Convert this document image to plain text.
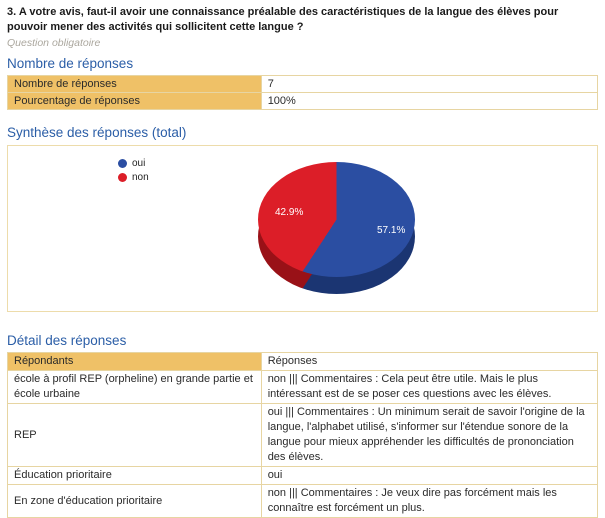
3. A votre avis, faut-il avoir une connaissance préalable des caractéristiques de la langue des élèves pour pouvoir mener des activités qui sollicitent cette langue ?
Question obligatoire
Nombre de réponses
Nombre de réponses	7
Pourcentage de réponses	100%
Synthèse des réponses (total)
oui
non
42.9%
57.1%
Détail des réponses
Répondants	Réponses
école à profil REP (orpheline) en grande partie et école urbaine	non ||| Commentaires : Cela peut être utile. Mais le plus intéressant est de se poser ces questions avec les élèves.
REP	oui ||| Commentaires : Un minimum serait de savoir l'origine de la langue, l'alphabet utilisé, s'informer sur l'étendue sonore de la langue pour mieux appréhender les difficultés de prononciation des élèves.
Éducation prioritaire	oui
En zone d'éducation prioritaire	non ||| Commentaires : Je veux dire pas forcément mais les connaître est forcément un plus.
